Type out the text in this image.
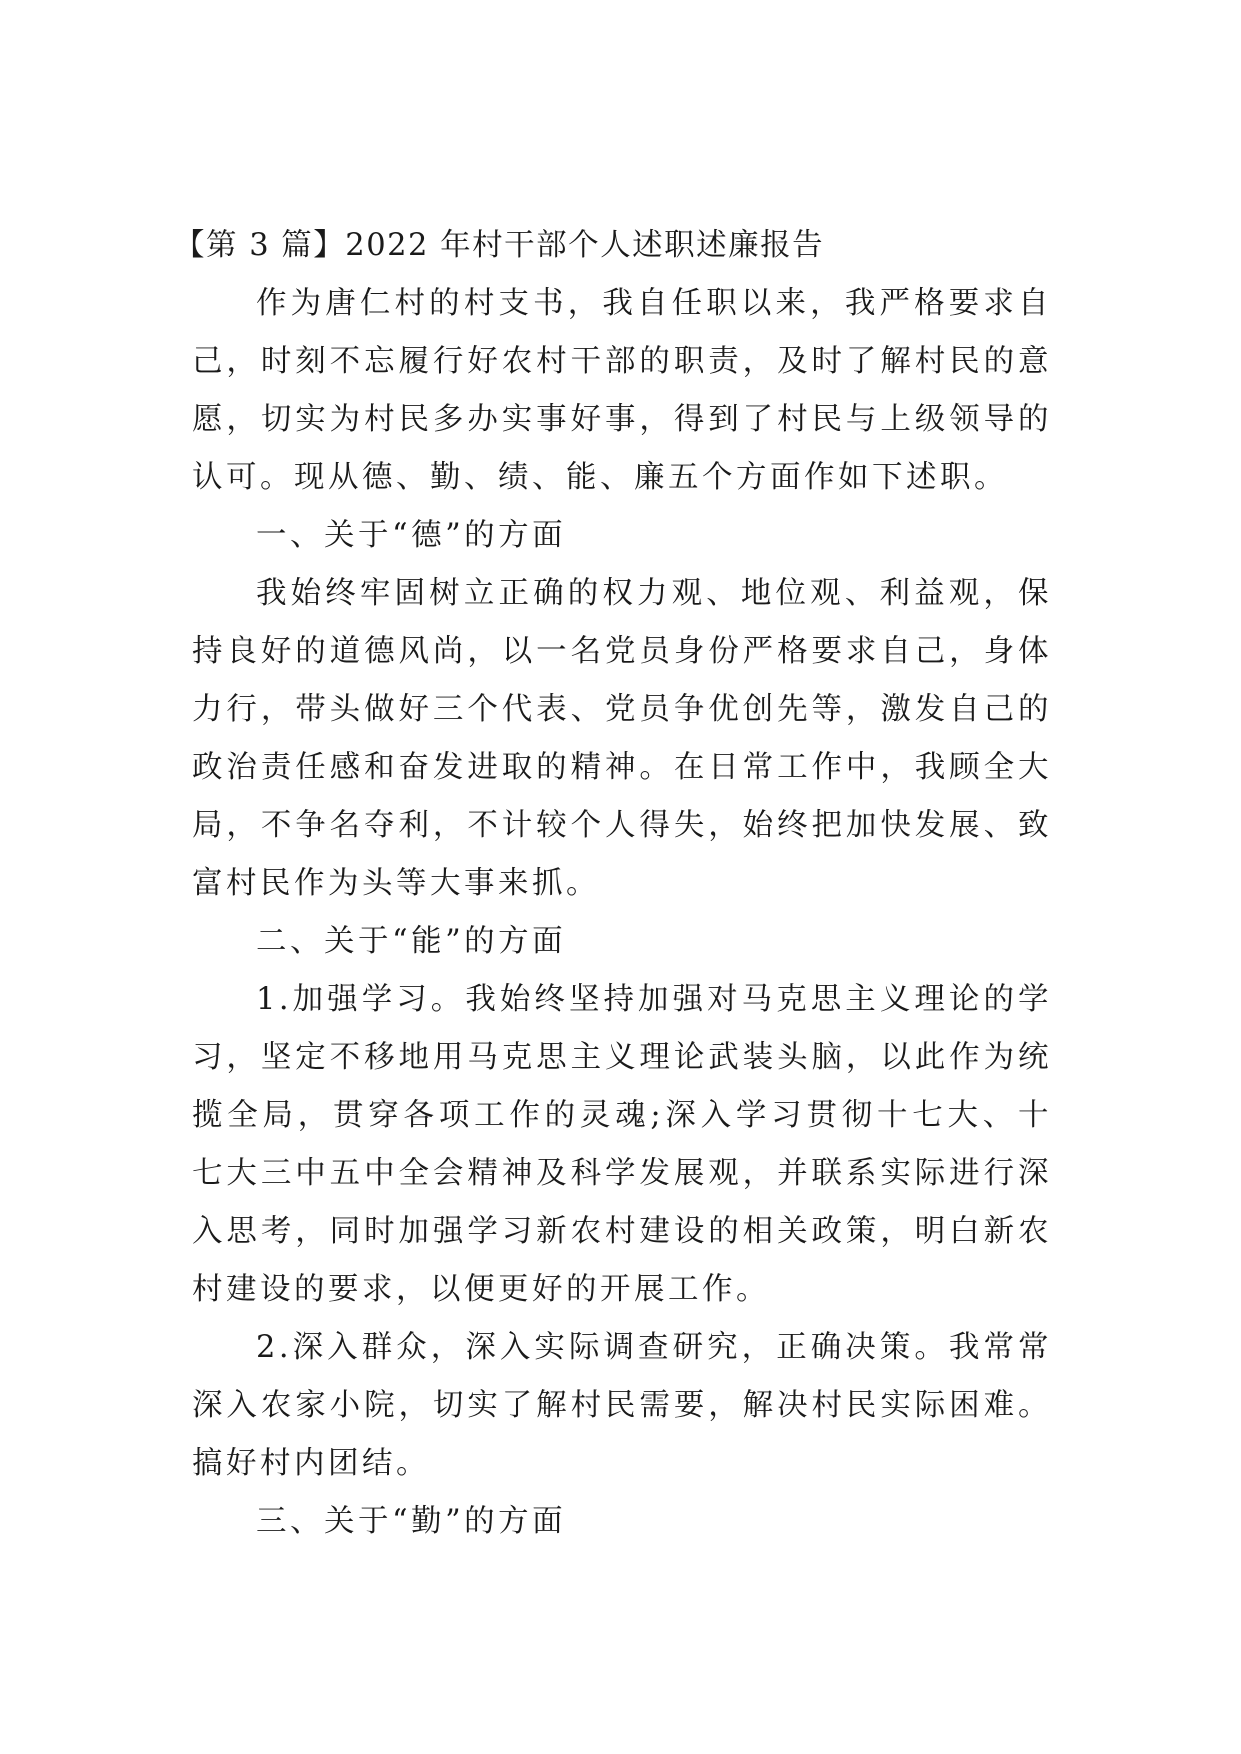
【第 3 篇】2022 年村干部个人述职述廉报告

作为唐仁村的村支书，我自任职以来，我严格要求自己，时刻不忘履行好农村干部的职责，及时了解村民的意愿，切实为村民多办实事好事，得到了村民与上级领导的认可。现从德、勤、绩、能、廉五个方面作如下述职。

一、关于“德”的方面

我始终牢固树立正确的权力观、地位观、利益观，保持良好的道德风尚，以一名党员身份严格要求自己，身体力行，带头做好三个代表、党员争优创先等，激发自己的政治责任感和奋发进取的精神。在日常工作中，我顾全大局，不争名夺利，不计较个人得失，始终把加快发展、致富村民作为头等大事来抓。

二、关于“能”的方面

1.加强学习。我始终坚持加强对马克思主义理论的学习，坚定不移地用马克思主义理论武装头脑，以此作为统揽全局，贯穿各项工作的灵魂;深入学习贯彻十七大、十七大三中五中全会精神及科学发展观，并联系实际进行深入思考，同时加强学习新农村建设的相关政策，明白新农村建设的要求，以便更好的开展工作。

2.深入群众，深入实际调查研究，正确决策。我常常深入农家小院，切实了解村民需要，解决村民实际困难。搞好村内团结。

三、关于“勤”的方面
